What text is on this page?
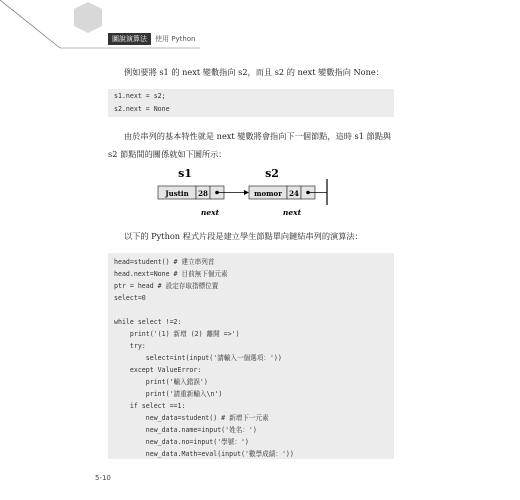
圖說演算法	使用 Python
例如要將 s1 的 next 變數指向 s2，而且 s2 的 next 變數指向 None：
s1.next = s2;
s2.next = None
由於串列的基本特性就是 next 變數將會指向下一個節點，這時 s1 節點與
s2 節點間的關係就如下圖所示：
s1	s2
Justin 28	momor 24
next	next
以下的 Python 程式片段是建立學生節點單向鏈結串列的演算法：
head=student() # 建立串列首
head.next=None # 目前無下個元素
ptr = head # 設定存取指標位置
select=0
while select !=2:
print('(1) 新增 (2) 離開 =>')
try:
select=int(input('請輸入一個選項：'))
except ValueError:
print('輸入錯誤')
print('請重新輸入\n')
if select ==1:
new_data=student() # 新增下一元素
new_data.name=input('姓名：')
new_data.no=input('學號：')
new_data.Math=eval(input('數學成績：'))
5-10
